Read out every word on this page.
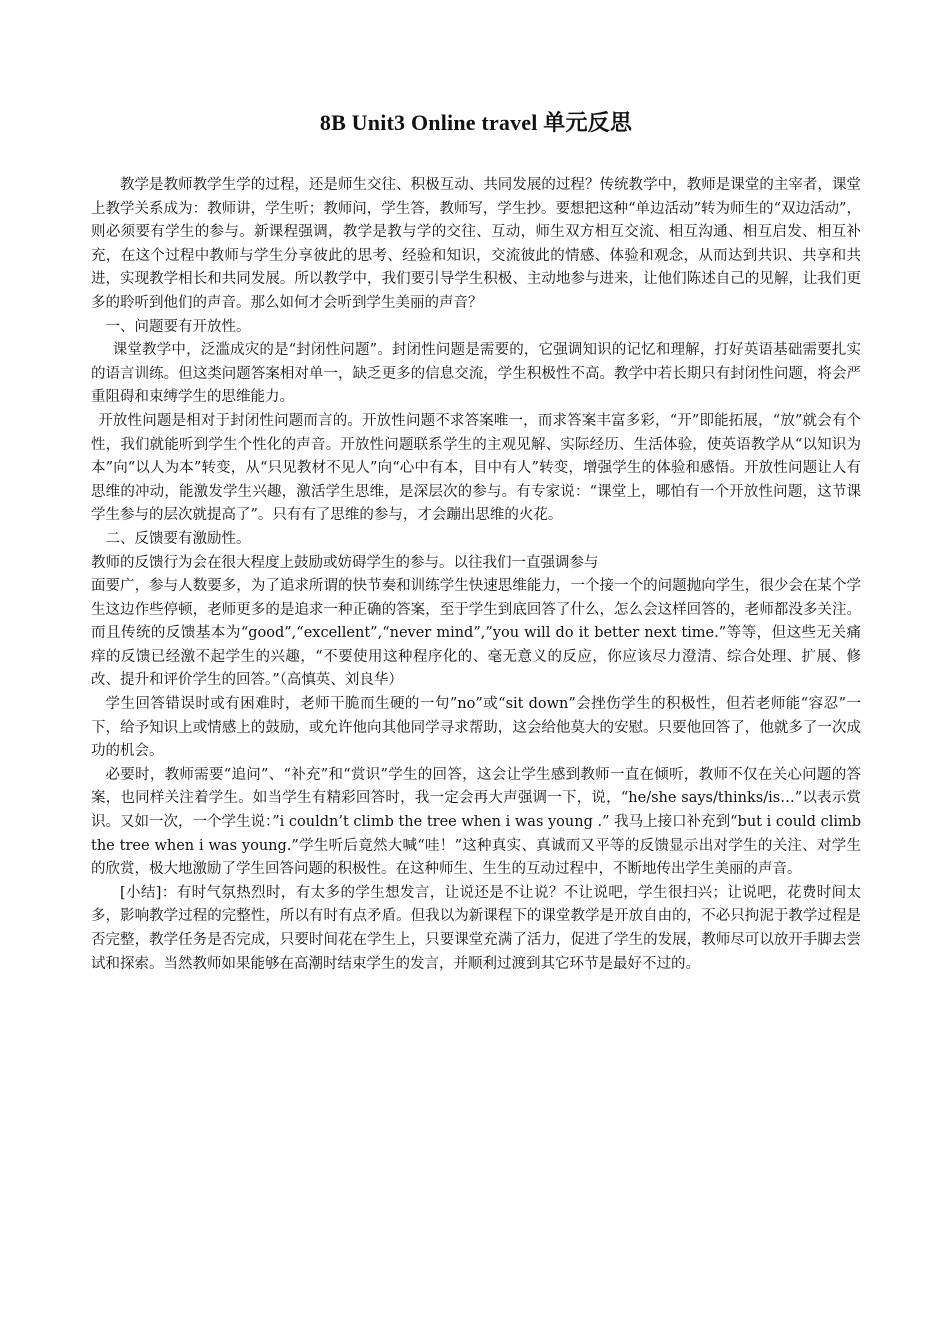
8B Unit3 Online travel 单元反思

教学是教师教学生学的过程，还是师生交往、积极互动、共同发展的过程？传统教学中，教师是课堂的主宰者，课堂上教学关系成为：教师讲，学生听；教师问，学生答，教师写，学生抄。要想把这种“单边活动”转为师生的“双边活动”，则必须要有学生的参与。新课程强调，教学是教与学的交往、互动，师生双方相互交流、相互沟通、相互启发、相互补充，在这个过程中教师与学生分享彼此的思考、经验和知识，交流彼此的情感、体验和观念，从而达到共识、共享和共进，实现教学相长和共同发展。所以教学中，我们要引导学生积极、主动地参与进来，让他们陈述自己的见解，让我们更多的聆听到他们的声音。那么如何才会听到学生美丽的声音？

一、问题要有开放性。

课堂教学中，泛滥成灾的是“封闭性问题”。封闭性问题是需要的，它强调知识的记忆和理解，打好英语基础需要扎实的语言训练。但这类问题答案相对单一，缺乏更多的信息交流，学生积极性不高。教学中若长期只有封闭性问题，将会严重阻碍和束缚学生的思维能力。

开放性问题是相对于封闭性问题而言的。开放性问题不求答案唯一，而求答案丰富多彩，“开”即能拓展，“放”就会有个性，我们就能听到学生个性化的声音。开放性问题联系学生的主观见解、实际经历、生活体验，使英语教学从“以知识为本”向“以人为本”转变，从“只见教材不见人”向“心中有本，目中有人”转变，增强学生的体验和感悟。开放性问题让人有思维的冲动，能激发学生兴趣，激活学生思维，是深层次的参与。有专家说：“课堂上，哪怕有一个开放性问题，这节课学生参与的层次就提高了”。只有有了思维的参与，才会蹦出思维的火花。

二、反馈要有激励性。

教师的反馈行为会在很大程度上鼓励或妨碍学生的参与。以往我们一直强调参与

面要广，参与人数要多，为了追求所谓的快节奏和训练学生快速思维能力，一个接一个的问题抛向学生，很少会在某个学生这边作些停顿，老师更多的是追求一种正确的答案，至于学生到底回答了什么，怎么会这样回答的，老师都没多关注。而且传统的反馈基本为“good”,“excellent”,“never mind”,”you will do it better next time.”等等，但这些无关痛痒的反馈已经激不起学生的兴趣，“不要使用这种程序化的、毫无意义的反应，你应该尽力澄清、综合处理、扩展、修改、提升和评价学生的回答。”（高慎英、刘良华）

学生回答错误时或有困难时，老师干脆而生硬的一句”no”或“sit down”会挫伤学生的积极性，但若老师能“容忍”一下，给予知识上或情感上的鼓励，或允许他向其他同学寻求帮助，这会给他莫大的安慰。只要他回答了，他就多了一次成功的机会。

必要时，教师需要“追问”、“补充”和“赏识”学生的回答，这会让学生感到教师一直在倾听，教师不仅在关心问题的答案，也同样关注着学生。如当学生有精彩回答时，我一定会再大声强调一下，说，“he/she says/thinks/is…”以表示赏识。又如一次，一个学生说：”i couldn’t climb the tree when i was young .” 我马上接口补充到“but i could climb the tree when i was young.”学生听后竟然大喊“哇！”这种真实、真诚而又平等的反馈显示出对学生的关注、对学生的欣赏，极大地激励了学生回答问题的积极性。在这种师生、生生的互动过程中，不断地传出学生美丽的声音。

[小结]：有时气氛热烈时，有太多的学生想发言，让说还是不让说？不让说吧，学生很扫兴；让说吧，花费时间太多，影响教学过程的完整性，所以有时有点矛盾。但我以为新课程下的课堂教学是开放自由的，不必只拘泥于教学过程是否完整，教学任务是否完成，只要时间花在学生上，只要课堂充满了活力，促进了学生的发展，教师尽可以放开手脚去尝试和探索。当然教师如果能够在高潮时结束学生的发言，并顺利过渡到其它环节是最好不过的。
